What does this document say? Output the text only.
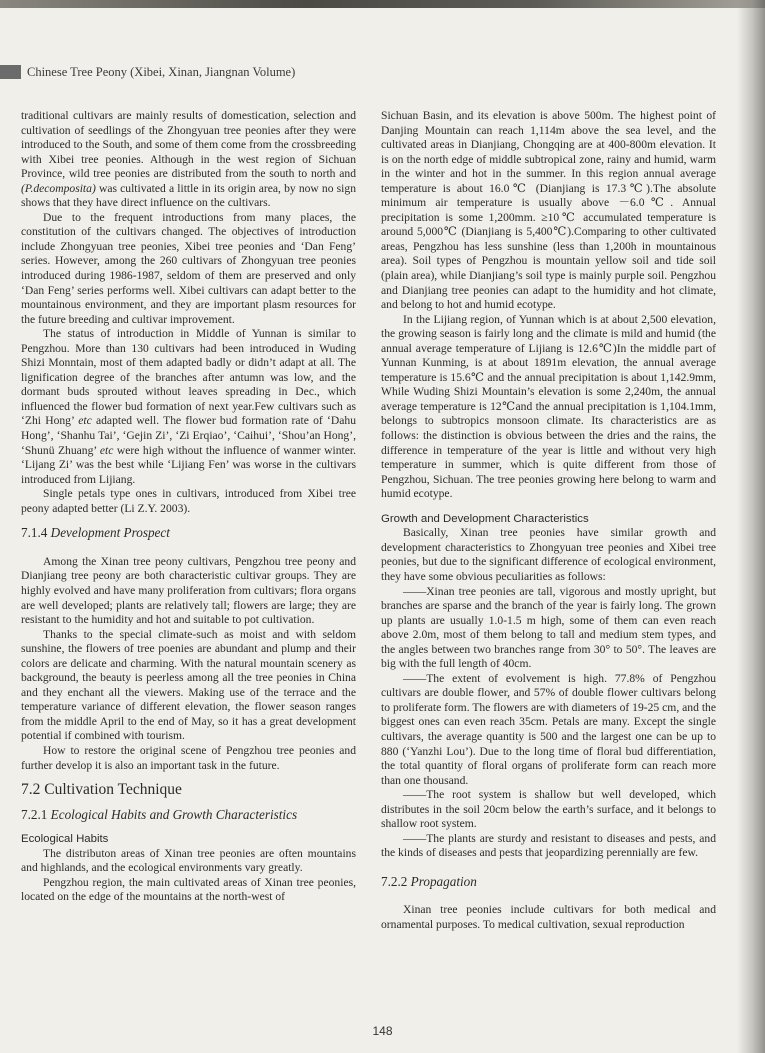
Chinese Tree Peony (Xibei, Xinan, Jiangnan Volume)

traditional cultivars are mainly results of domestication, selection and cultivation of seedlings of the Zhongyuan tree peonies after they were introduced to the South, and some of them come from the crossbreeding with Xibei tree peonies. Although in the west region of Sichuan Province, wild tree peonies are distributed from the south to north and (P.decomposita) was cultivated a little in its origin area, by now no sign shows that they have direct influence on the cultivars.

Due to the frequent introductions from many places, the constitution of the cultivars changed. The objectives of introduction include Zhongyuan tree peonies, Xibei tree peonies and ‘Dan Feng’ series. However, among the 260 cultivars of Zhongyuan tree peonies introduced during 1986-1987, seldom of them are preserved and only ‘Dan Feng’ series performs well. Xibei cultivars can adapt better to the mountainous environment, and they are important plasm resources for the future breeding and cultivar improvement.

The status of introduction in Middle of Yunnan is similar to Pengzhou. More than 130 cultivars had been introduced in Wuding Shizi Monntain, most of them adapted badly or didn’t adapt at all. The lignification degree of the branches after antumn was low, and the dormant buds sprouted without leaves spreading in Dec., which influenced the flower bud formation of next year.Few cultivars such as ‘Zhi Hong’ etc adapted well. The flower bud formation rate of ‘Dahu Hong’, ‘Shanhu Tai’, ‘Gejin Zi’, ‘Zi Erqiao’, ‘Caihui’, ‘Shou’an Hong’, ‘Shunü Zhuang’ etc were high without the influence of wanmer winter. ‘Lijang Zi’ was the best while ‘Lijiang Fen’ was worse in the cultivars introduced from Lijiang.

Single petals type ones in cultivars, introduced from Xibei tree peony adapted better (Li Z.Y. 2003).

7.1.4 Development Prospect

Among the Xinan tree peony cultivars, Pengzhou tree peony and Dianjiang tree peony are both characteristic cultivar groups. They are highly evolved and have many proliferation from cultivars; flora organs are well developed; plants are relatively tall; flowers are large; they are resistant to the humidity and hot and suitable to pot cultivation.

Thanks to the special climate-such as moist and with seldom sunshine, the flowers of tree poenies are abundant and plump and their colors are delicate and charming. With the natural mountain scenery as background, the beauty is peerless among all the tree peonies in China and they enchant all the viewers. Making use of the terrace and the temperature variance of different elevation, the flower season ranges from the middle April to the end of May, so it has a great development potential if combined with tourism.

How to restore the original scene of Pengzhou tree peonies and further develop it is also an important task in the future.

7.2 Cultivation Technique

7.2.1 Ecological Habits and Growth Characteristics

Ecological Habits

The distributon areas of Xinan tree peonies are often mountains and highlands, and the ecological environments vary greatly.

Pengzhou region, the main cultivated areas of Xinan tree peonies, located on the edge of the mountains at the north-west of

Sichuan Basin, and its elevation is above 500m. The highest point of Danjing Mountain can reach 1,114m above the sea level, and the cultivated areas in Dianjiang, Chongqing are at 400-800m elevation. It is on the north edge of middle subtropical zone, rainy and humid, warm in the winter and hot in the summer. In this region annual average temperature is about 16.0℃ (Dianjiang is 17.3℃).The absolute minimum air temperature is usually above －6.0℃. Annual precipitation is some 1,200mm. ≥10℃ accumulated temperature is around 5,000℃ (Dianjiang is 5,400℃).Comparing to other cultivated areas, Pengzhou has less sunshine (less than 1,200h in mountainous area). Soil types of Pengzhou is mountain yellow soil and tide soil (plain area), while Dianjiang’s soil type is mainly purple soil. Pengzhou and Dianjiang tree peonies can adapt to the humidity and hot climate, and belong to hot and humid ecotype.

In the Lijiang region, of Yunnan which is at about 2,500 elevation, the growing season is fairly long and the climate is mild and humid (the annual average temperature of Lijiang is 12.6℃)In the middle part of Yunnan Kunming, is at about 1891m elevation, the annual average temperature is 15.6℃ and the annual precipitation is about 1,142.9mm, While Wuding Shizi Mountain’s elevation is some 2,240m, the annual average temperature is 12℃and the annual precipitation is 1,104.1mm, belongs to subtropics monsoon climate. Its characteristics are as follows: the distinction is obvious between the dries and the rains, the difference in temperature of the year is little and without very high temperature in summer, which is quite different from those of Pengzhou, Sichuan. The tree peonies growing here belong to warm and humid ecotype.

Growth and Development Characteristics

Basically, Xinan tree peonies have similar growth and development characteristics to Zhongyuan tree peonies and Xibei tree peonies, but due to the significant difference of ecological environment, they have some obvious peculiarities as follows:

——Xinan tree peonies are tall, vigorous and mostly upright, but branches are sparse and the branch of the year is fairly long. The grown up plants are usually 1.0-1.5 m high, some of them can even reach above 2.0m, most of them belong to tall and medium stem types, and the angles between two branches range from 30° to 50°. The leaves are big with the full length of 40cm.

——The extent of evolvement is high. 77.8% of Pengzhou cultivars are double flower, and 57% of double flower cultivars belong to proliferate form. The flowers are with diameters of 19-25 cm, and the biggest ones can even reach 35cm. Petals are many. Except the single cultivars, the average quantity is 500 and the largest one can be up to 880 (‘Yanzhi Lou’). Due to the long time of floral bud differentiation, the total quantity of floral organs of proliferate form can reach more than one thousand.

——The root system is shallow but well developed, which distributes in the soil 20cm below the earth’s surface, and it belongs to shallow root system.

——The plants are sturdy and resistant to diseases and pests, and the kinds of diseases and pests that jeopardizing perennially are few.

7.2.2 Propagation

Xinan tree peonies include cultivars for both medical and ornamental purposes. To medical cultivation, sexual reproduction

148
